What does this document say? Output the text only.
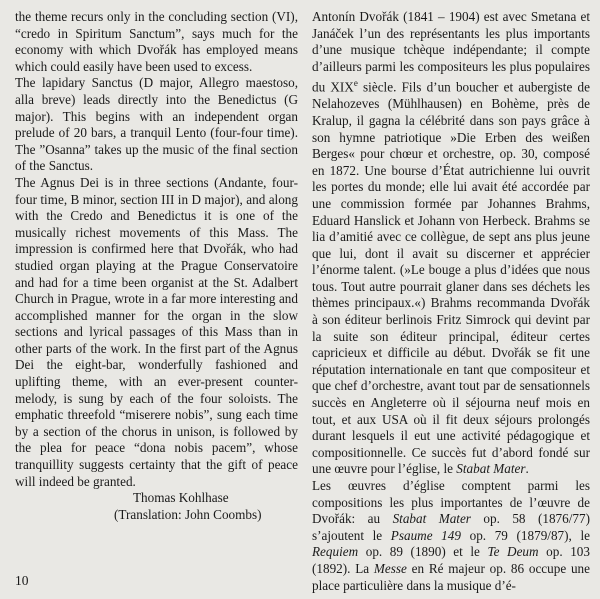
the theme recurs only in the concluding section (VI), “credo in Spiritum Sanctum”, says much for the economy with which Dvořák has employed means which could easily have been used to excess.

The lapidary Sanctus (D major, Allegro maestoso, alla breve) leads directly into the Benedictus (G major). This begins with an independent organ prelude of 20 bars, a tranquil Lento (four-four time). The ”Osanna” takes up the music of the final section of the Sanctus.

The Agnus Dei is in three sections (Andante, four-four time, B minor, section III in D major), and along with the Credo and Benedictus it is one of the musically richest movements of this Mass. The impression is confirmed here that Dvořák, who had studied organ playing at the Prague Conservatoire and had for a time been organist at the St. Adalbert Church in Prague, wrote in a far more interesting and accomplished manner for the organ in the slow sections and lyrical passages of this Mass than in other parts of the work. In the first part of the Agnus Dei the eight-bar, wonderfully fashioned and uplifting theme, with an ever-present counter-melody, is sung by each of the four soloists. The emphatic threefold “miserere nobis”, sung each time by a section of the chorus in unison, is followed by the plea for peace “dona nobis pacem”, whose tranquillity suggests certainty that the gift of peace will indeed be granted.

Thomas Kohlhase

(Translation: John Coombs)

Antonín Dvořák (1841 – 1904) est avec Smetana et Janáček l’un des représentants les plus importants d’une musique tchèque indépendante; il compte d’ailleurs parmi les compositeurs les plus populaires du XIXe siècle. Fils d’un boucher et aubergiste de Nelahozeves (Mühlhausen) en Bohème, près de Kralup, il gagna la célébrité dans son pays grâce à son hymne patriotique »Die Erben des weißen Berges« pour chœur et orchestre, op. 30, composé en 1872. Une bourse d’État autrichienne lui ouvrit les portes du monde; elle lui avait été accordée par une commission formée par Johannes Brahms, Eduard Hanslick et Johann von Herbeck. Brahms se lia d’amitié avec ce collègue, de sept ans plus jeune que lui, dont il avait su discerner et apprécier l’énorme talent. (»Le bouge a plus d’idées que nous tous. Tout autre pourrait glaner dans ses déchets les thèmes principaux.«) Brahms recommanda Dvořák à son éditeur berlinois Fritz Simrock qui devint par la suite son éditeur principal, éditeur certes capricieux et difficile au début. Dvořák se fit une réputation internationale en tant que compositeur et que chef d’orchestre, avant tout par de sensationnels succès en Angleterre où il séjourna neuf mois en tout, et aux USA où il fit deux séjours prolongés durant lesquels il eut une activité pédagogique et compositionnelle. Ce succès fut d’abord fondé sur une œuvre pour l’église, le Stabat Mater.

Les œuvres d’église comptent parmi les compositions les plus importantes de l’œuvre de Dvořák: au Stabat Mater op. 58 (1876/77) s’ajoutent le Psaume 149 op. 79 (1879/87), le Requiem op. 89 (1890) et le Te Deum op. 103 (1892). La Messe en Ré majeur op. 86 occupe une place particulière dans la musique d’é-

10
